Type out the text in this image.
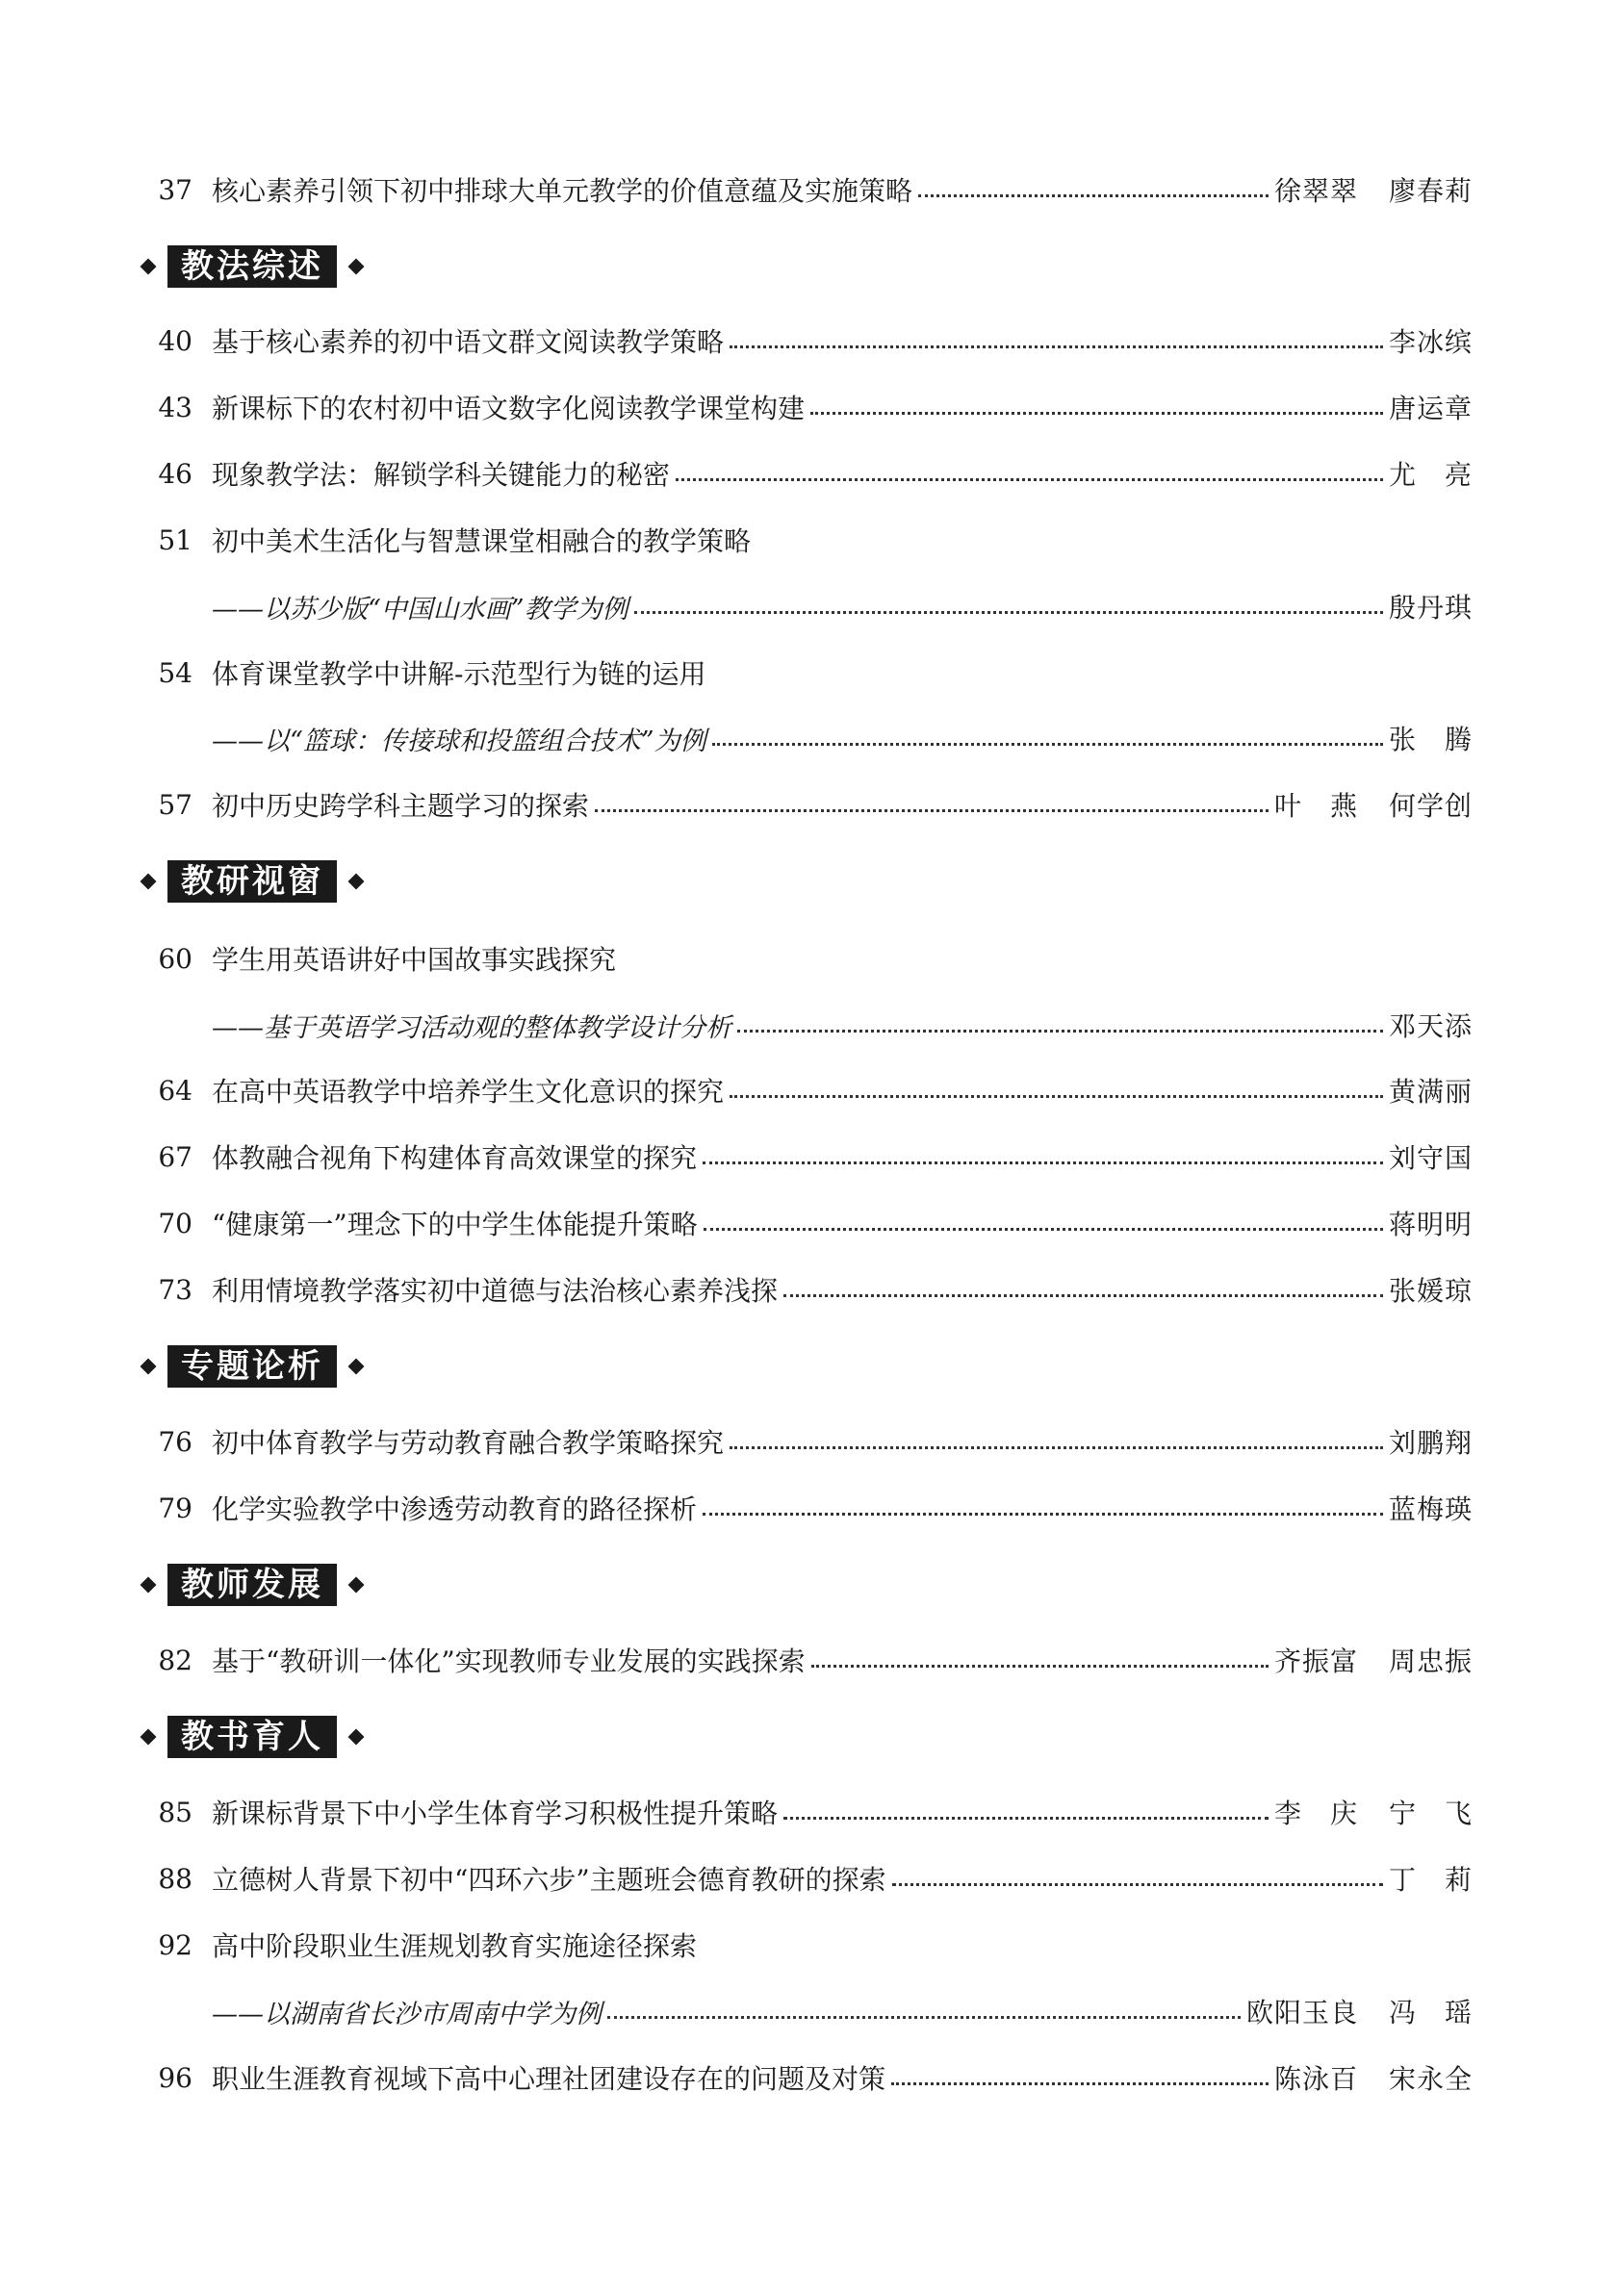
37 核心素养引领下初中排球大单元教学的价值意蕴及实施策略	徐翠翠 廖春莉
教法综述
40 基于核心素养的初中语文群文阅读教学策略	李冰缤
43 新课标下的农村初中语文数字化阅读教学课堂构建	唐运章
46 现象教学法：解锁学科关键能力的秘密	尤　亮
51 初中美术生活化与智慧课堂相融合的教学策略
——以苏少版“中国山水画”教学为例	殷丹琪
54 体育课堂教学中讲解-示范型行为链的运用
——以“篮球：传接球和投篮组合技术”为例	张　腾
57 初中历史跨学科主题学习的探索	叶　燕 何学创
教研视窗
60 学生用英语讲好中国故事实践探究
——基于英语学习活动观的整体教学设计分析	邓天添
64 在高中英语教学中培养学生文化意识的探究	黄满丽
67 体教融合视角下构建体育高效课堂的探究	刘守国
70 “健康第一”理念下的中学生体能提升策略	蒋明明
73 利用情境教学落实初中道德与法治核心素养浅探	张媛琼
专题论析
76 初中体育教学与劳动教育融合教学策略探究	刘鹏翔
79 化学实验教学中渗透劳动教育的路径探析	蓝梅瑛
教师发展
82 基于“教研训一体化”实现教师专业发展的实践探索	齐振富 周忠振
教书育人
85 新课标背景下中小学生体育学习积极性提升策略	李　庆 宁　飞
88 立德树人背景下初中“四环六步”主题班会德育教研的探索	丁　莉
92 高中阶段职业生涯规划教育实施途径探索
——以湖南省长沙市周南中学为例	欧阳玉良 冯　瑶
96 职业生涯教育视域下高中心理社团建设存在的问题及对策	陈泳百 宋永全
